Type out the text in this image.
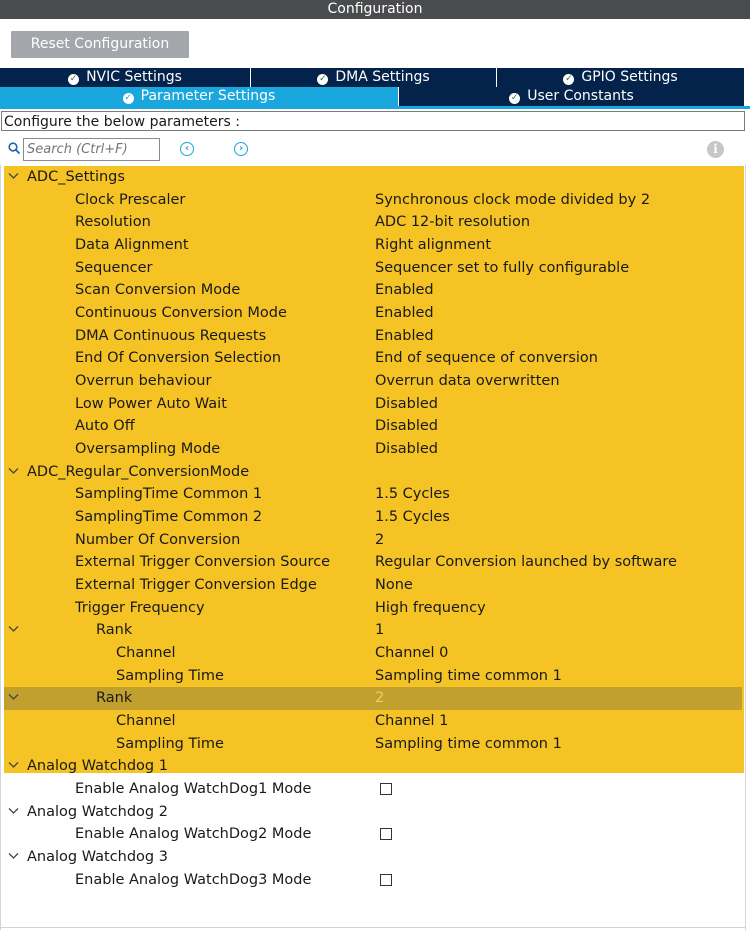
Configuration
Reset Configuration
✓ NVIC Settings	✓ DMA Settings	✓ GPIO Settings
✓ Parameter Settings	✓ User Constants
Configure the below parameters :
Search (Ctrl+F)
‹	›	i
ADC_Settings
Clock Prescaler	Synchronous clock mode divided by 2
Resolution	ADC 12-bit resolution
Data Alignment	Right alignment
Sequencer	Sequencer set to fully configurable
Scan Conversion Mode	Enabled
Continuous Conversion Mode	Enabled
DMA Continuous Requests	Enabled
End Of Conversion Selection	End of sequence of conversion
Overrun behaviour	Overrun data overwritten
Low Power Auto Wait	Disabled
Auto Off	Disabled
Oversampling Mode	Disabled
ADC_Regular_ConversionMode
SamplingTime Common 1	1.5 Cycles
SamplingTime Common 2	1.5 Cycles
Number Of Conversion	2
External Trigger Conversion Source	Regular Conversion launched by software
External Trigger Conversion Edge	None
Trigger Frequency	High frequency
Rank	1
Channel	Channel 0
Sampling Time	Sampling time common 1
Rank	2
Channel	Channel 1
Sampling Time	Sampling time common 1
Analog Watchdog 1
Enable Analog WatchDog1 Mode
Analog Watchdog 2
Enable Analog WatchDog2 Mode
Analog Watchdog 3
Enable Analog WatchDog3 Mode
